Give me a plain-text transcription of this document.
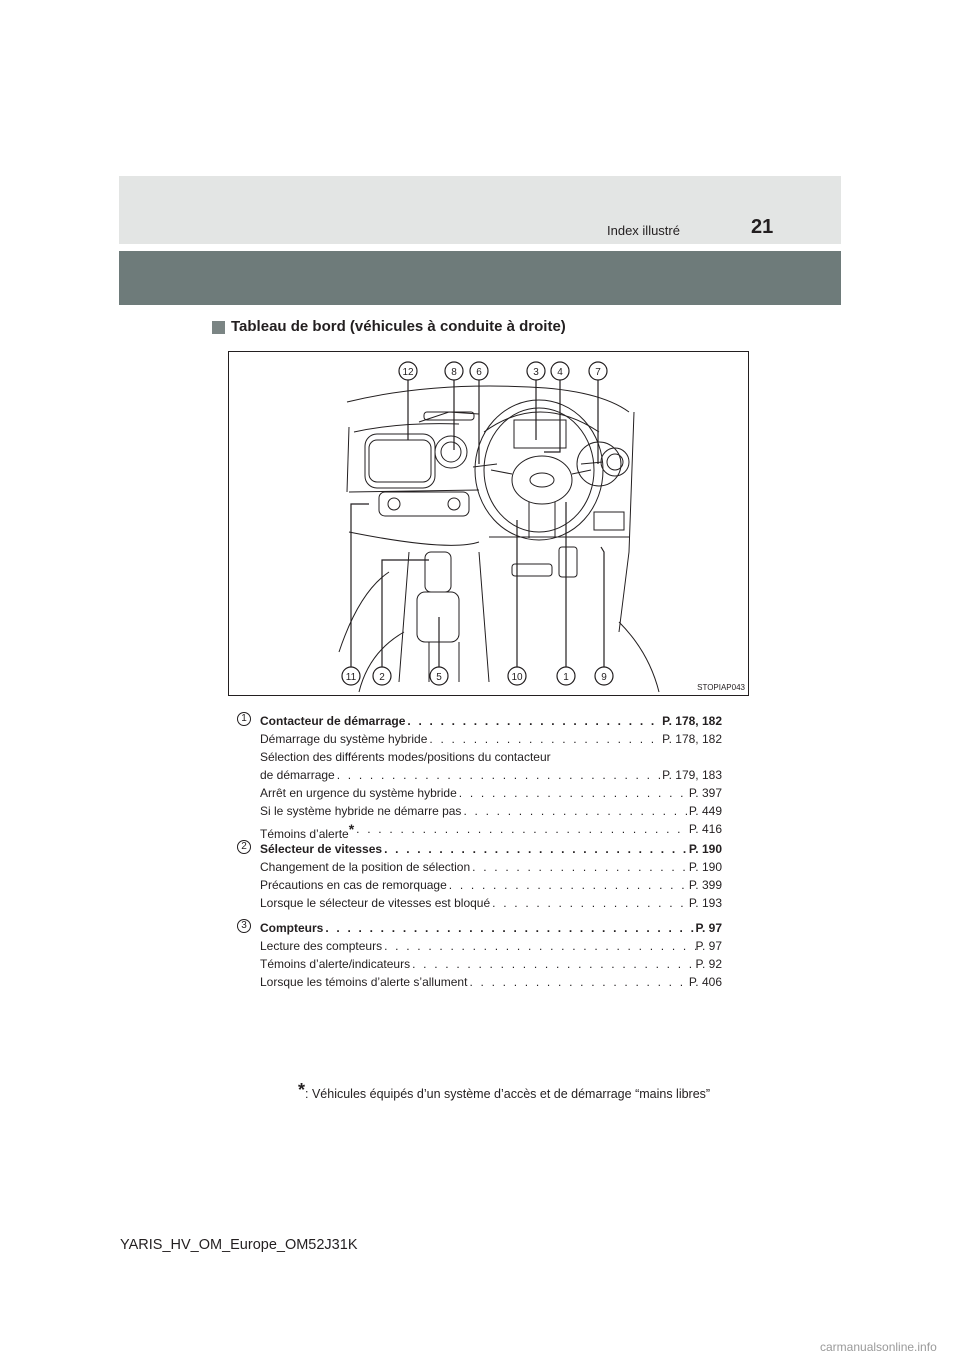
Index illustré	21
Tableau de bord (véhicules à conduite à droite)
12	8 6	3 4	7
11 2	5	10	1	9
STOPIAP043
1	Contacteur de démarrage . . .	P. 178, 182
Démarrage du système hybride . . .	P. 178, 182
Sélection des différents modes/positions du contacteur
de démarrage . . .	P. 179, 183
Arrêt en urgence du système hybride . . .	P. 397
Si le système hybride ne démarre pas . . .	P. 449
Témoins d’alerte* . . .	P. 416
2	Sélecteur de vitesses . . .	P. 190
Changement de la position de sélection . . .	P. 190
Précautions en cas de remorquage . . .	P. 399
Lorsque le sélecteur de vitesses est bloqué . . .	P. 193
3	Compteurs . . .	P. 97
Lecture des compteurs . . .	P. 97
Témoins d’alerte/indicateurs . . .	P. 92
Lorsque les témoins d’alerte s’allument . . .	P. 406
*: Véhicules équipés d’un système d’accès et de démarrage “mains libres”
YARIS_HV_OM_Europe_OM52J31K
carmanualsonline.info
